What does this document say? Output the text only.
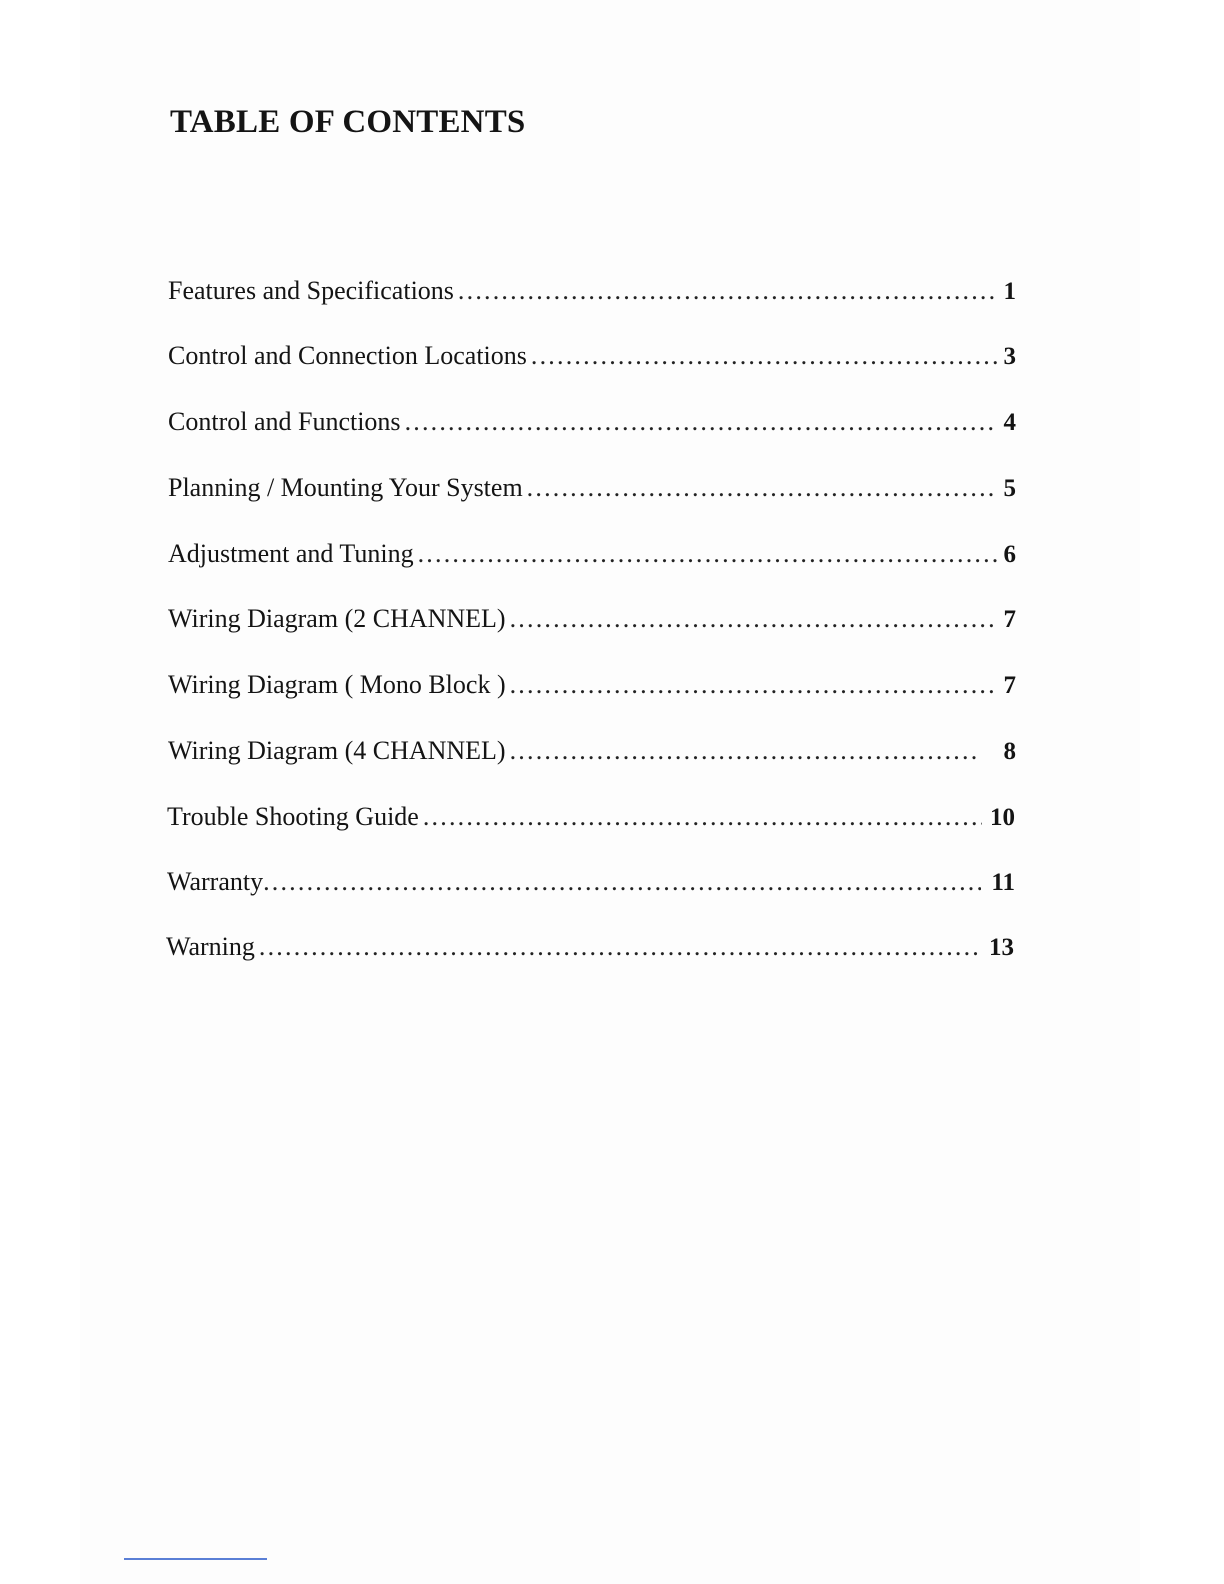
TABLE OF CONTENTS
Features and Specifications .....	1
Control and Connection Locations .....	3
Control and Functions .....	4
Planning / Mounting Your System .....	5
Adjustment and Tuning .....	6
Wiring Diagram (2 CHANNEL) .....	7
Wiring Diagram ( Mono Block ) .....	7
Wiring Diagram (4 CHANNEL) .....	8
Trouble Shooting Guide .....	10
Warranty .....	11
Warning .....	13
